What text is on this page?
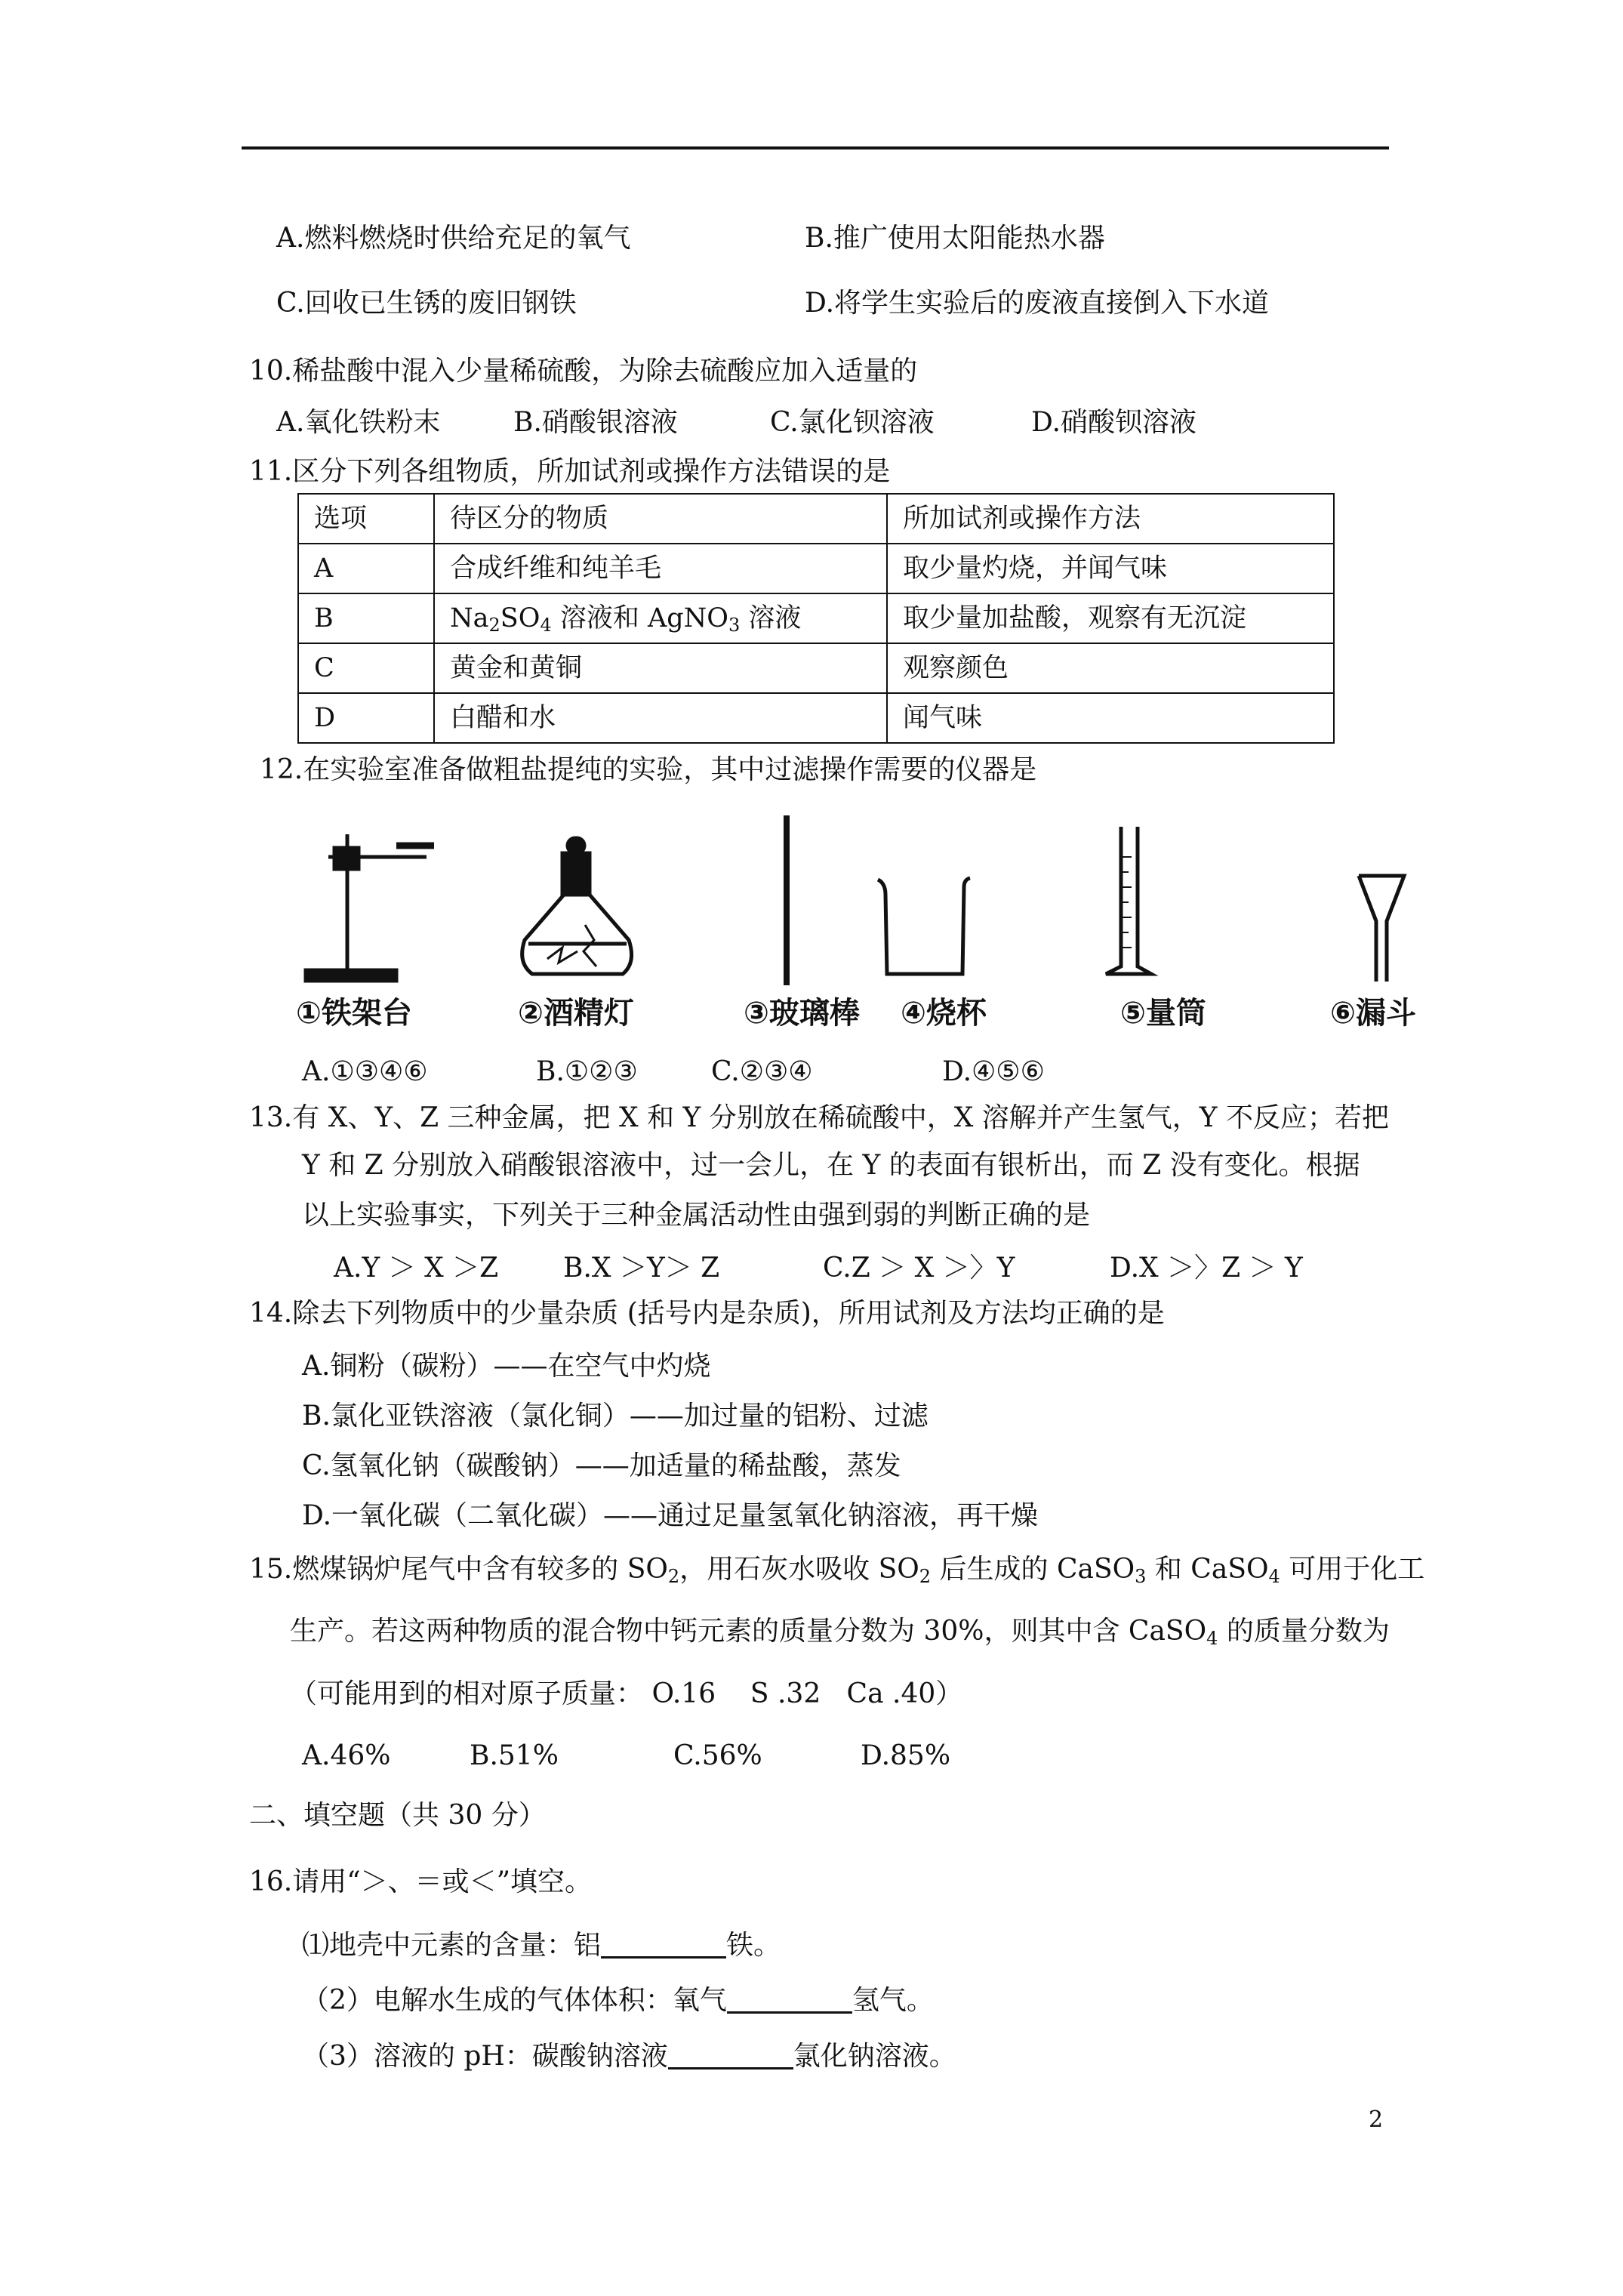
A.燃料燃烧时供给充足的氧气	B.推广使用太阳能热水器
C.回收已生锈的废旧钢铁	D.将学生实验后的废液直接倒入下水道
10.稀盐酸中混入少量稀硫酸，为除去硫酸应加入适量的
A.氧化铁粉末	B.硝酸银溶液	C.氯化钡溶液	D.硝酸钡溶液
11.区分下列各组物质，所加试剂或操作方法错误的是
选项	待区分的物质	所加试剂或操作方法
A	合成纤维和纯羊毛	取少量灼烧，并闻气味
B	$Na_2SO_4$ 溶液和 AgNO$_3$ 溶液	取少量加盐酸，观察有无沉淀
C	黄金和黄铜	观察颜色
D	白醋和水	闻气味
12.在实验室准备做粗盐提纯的实验，其中过滤操作需要的仪器是
①铁架台	②酒精灯	③玻璃棒 ④烧杯	⑤量筒	⑥漏斗
A.①③④⑥	B.①②③	C.②③④	D.④⑤⑥
13.有 X、Y、Z 三种金属，把 X 和 Y 分别放在稀硫酸中，X 溶解并产生氢气，Y 不反应；若把
Y 和 Z 分别放入硝酸银溶液中，过一会儿，在 Y 的表面有银析出，而 Z 没有变化。根据
以上实验事实，下列关于三种金属活动性由强到弱的判断正确的是
A.Y ＞ X ＞Z B.X ＞Y＞ Z	C.Z ＞ X ＞〉Y	D.X ＞〉Z ＞ Y
14.除去下列物质中的少量杂质 (括号内是杂质)，所用试剂及方法均正确的是
A.铜粉（碳粉）——在空气中灼烧
B.氯化亚铁溶液（氯化铜）——加过量的铝粉、过滤
C.氢氧化钠（碳酸钠）——加适量的稀盐酸，蒸发
D.一氧化碳（二氧化碳）——通过足量氢氧化钠溶液，再干燥
15.燃煤锅炉尾气中含有较多的 $SO_2$，用石灰水吸收 $SO_2$ 后生成的 CaSO$_3$ 和 CaSO$_4$ 可用于化工
生产。若这两种物质的混合物中钙元素的质量分数为 30%，则其中含 CaSO$_4$ 的质量分数为
（可能用到的相对原子质量： O.16    S .32   Ca .40）
A.46%	B.51%	C.56%	D.85%
二、填空题（共 30 分）
16.请用“＞、＝或＜”填空。
⑴地壳中元素的含量：铝	铁。
（2）电解水生成的气体体积：氧气	氢气。
（3）溶液的 pH：碳酸钠溶液	氯化钠溶液。
2
